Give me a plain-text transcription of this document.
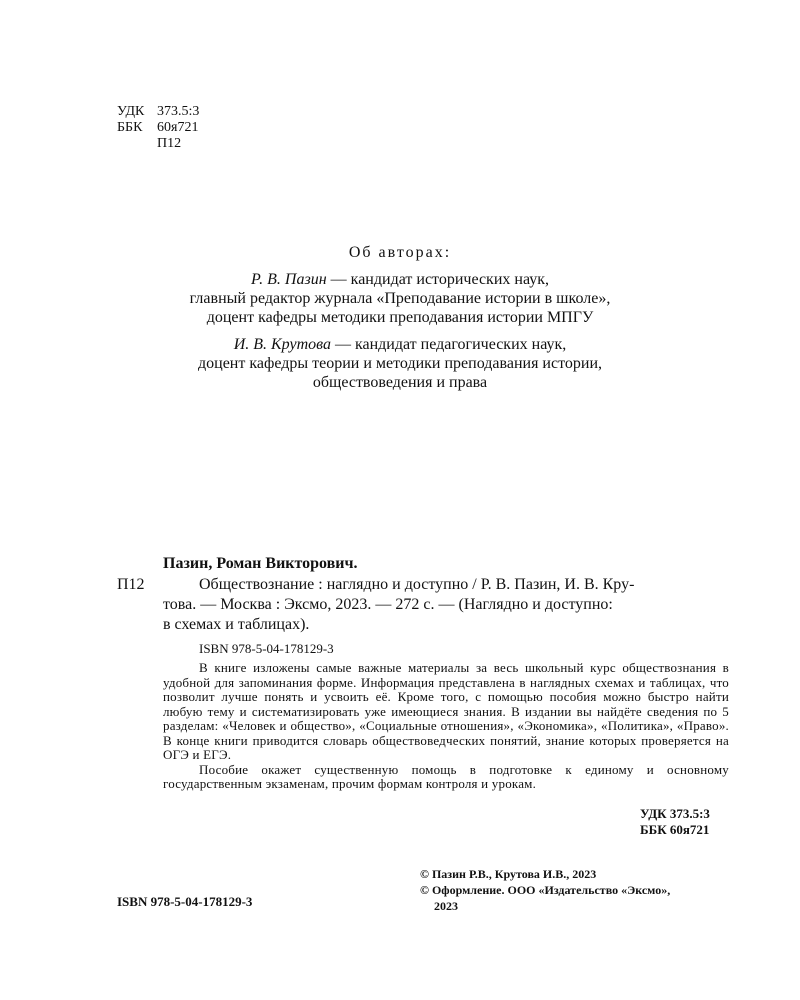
УДК 373.5:3
ББК 60я721
П12
Об авторах:
Р. В. Пазин — кандидат исторических наук,
главный редактор журнала «Преподавание истории в школе»,
доцент кафедры методики преподавания истории МПГУ
И. В. Крутова — кандидат педагогических наук,
доцент кафедры теории и методики преподавания истории,
обществоведения и права
Пазин, Роман Викторович.
П12	Обществознание : наглядно и доступно / Р. В. Пазин, И. В. Кру-
това. — Москва : Эксмо, 2023. — 272 с. — (Наглядно и доступно:
в схемах и таблицах).
ISBN 978-5-04-178129-3

В книге изложены самые важные материалы за весь школьный курс обществознания в удобной для запоминания форме. Информация представлена в наглядных схемах и таблицах, что позволит лучше понять и усвоить её. Кроме того, с помощью пособия можно быстро найти любую тему и систематизировать уже имеющиеся знания. В издании вы найдёте сведения по 5 разделам: «Человек и общество», «Социальные отношения», «Экономика», «Политика», «Право». В конце книги приводится словарь обществоведческих понятий, знание которых проверяется на ОГЭ и ЕГЭ.

Пособие окажет существенную помощь в подготовке к единому и основному государственным экзаменам, прочим формам контроля и урокам.

УДК 373.5:3
ББК 60я721
ISBN 978-5-04-178129-3
© Пазин Р.В., Крутова И.В., 2023
© Оформление. ООО «Издательство «Эксмо»,
2023
